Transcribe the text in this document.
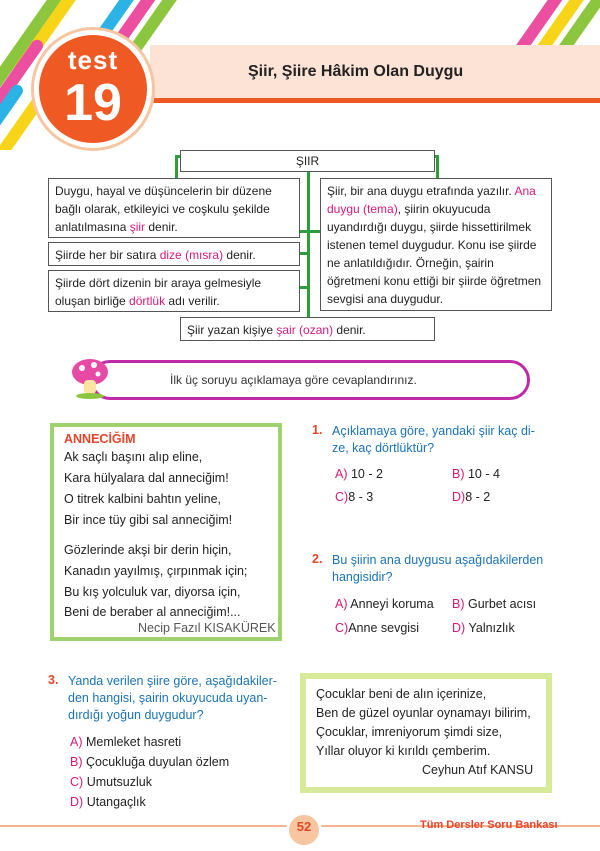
test
19
Şiir, Şiire Hâkim Olan Duygu
ŞIIR
Duygu, hayal ve düşüncelerin bir düzene bağlı olarak, etkileyici ve coşkulu şekilde anlatılmasına şiir denir.
Şiirde her bir satıra dize (mısra) denir.
Şiirde dört dizenin bir araya gelmesiyle oluşan birliğe dörtlük adı verilir.
Şiir, bir ana duygu etrafında yazılır. Ana duygu (tema), şiirin okuyucuda uyandırdığı duygu, şiirde hissettirilmek istenen temel duygudur. Konu ise şiirde ne anlatıldığıdır. Örneğin, şairin öğretmeni konu ettiği bir şiirde öğretmen sevgisi ana duygudur.
Şiir yazan kişiye şair (ozan) denir.
İlk üç soruyu açıklamaya göre cevaplandırınız.
ANNECİĞİM
Ak saçlı başını alıp eline,
Kara hülyalara dal anneciğim!
O titrek kalbini bahtın yeline,
Bir ince tüy gibi sal anneciğim!
Gözlerinde akşi bir derin hiçin,
Kanadın yayılmış, çırpınmak için;
Bu kış yolculuk var, diyorsa için,
Beni de beraber al anneciğim!...
Necip Fazıl KISAKÜREK
1. Açıklamaya göre, yandaki şiir kaç di-
ze, kaç dörtlüktür?
A) 10 - 2	B) 10 - 4
C)8 - 3	D)8 - 2
2. Bu şiirin ana duygusu aşağıdakilerden
hangisidir?
A) Anneyi koruma B) Gurbet acısı
C)Anne sevgisi	D) Yalnızlık
3. Yanda verilen şiire göre, aşağıdakiler-
den hangisi, şairin okuyucuda uyan-
dırdığı yoğun duygudur?
A) Memleket hasreti
B) Çocukluğa duyulan özlem
C) Umutsuzluk
D) Utangaçlık
Çocuklar beni de alın içerinize,
Ben de güzel oyunlar oynamayı bilirim,
Çocuklar, imreniyorum şimdi size,
Yıllar oluyor ki kırıldı çemberim.
Ceyhun Atıf KANSU
52	Tüm Dersler Soru Bankası
